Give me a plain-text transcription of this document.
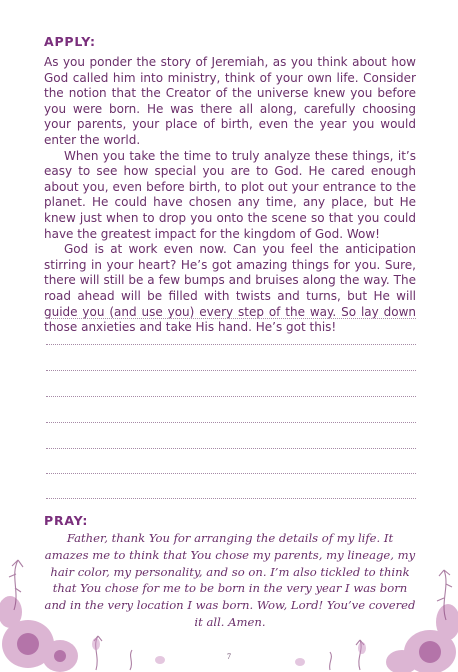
APPLY:

As you ponder the story of Jeremiah, as you think about how God called him into ministry, think of your own life. Consider the notion that the Creator of the universe knew you before you were born. He was there all along, carefully choosing your parents, your place of birth, even the year you would enter the world.

When you take the time to truly analyze these things, it’s easy to see how special you are to God. He cared enough about you, even before birth, to plot out your entrance to the planet. He could have chosen any time, any place, but He knew just when to drop you onto the scene so that you could have the greatest impact for the kingdom of God. Wow!

God is at work even now. Can you feel the anticipation stirring in your heart? He’s got amazing things for you. Sure, there will still be a few bumps and bruises along the way. The road ahead will be filled with twists and turns, but He will guide you (and use you) every step of the way. So lay down those anxieties and take His hand. He’s got this!

PRAY:
Father, thank You for arranging the details of my life. It amazes me to think that You chose my parents, my lineage, my hair color, my personality, and so on. I’m also tickled to think that You chose for me to be born in the very year I was born and in the very location I was born. Wow, Lord! You’ve covered it all. Amen.
7
